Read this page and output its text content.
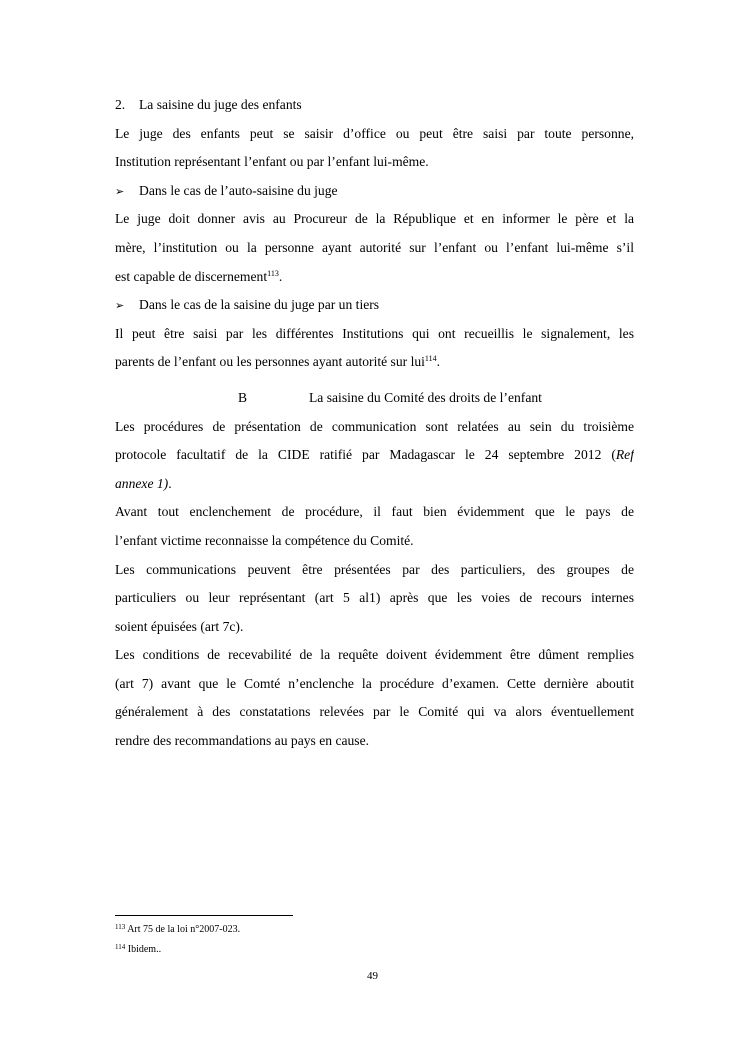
2. La saisine du juge des enfants
Le juge des enfants peut se saisir d’office ou peut être saisi par toute personne,
Institution représentant l’enfant ou par l’enfant lui-même.
➢ Dans le cas de l’auto-saisine du juge
Le juge doit donner avis au Procureur de la République et en informer le père et la
mère, l’institution ou la personne ayant autorité sur l’enfant ou l’enfant lui-même s’il
est capable de discernement$^{113}$.
➢ Dans le cas de la saisine du juge par un tiers
Il peut être saisi par les différentes Institutions qui ont recueillis le signalement, les
parents de l’enfant ou les personnes ayant autorité sur lui$^{114}$.
B	La saisine du Comité des droits de l’enfant
Les procédures de présentation de communication sont relatées au sein du troisième
protocole facultatif de la CIDE ratifié par Madagascar le 24 septembre 2012 (Ref
annexe 1).
Avant tout enclenchement de procédure, il faut bien évidemment que le pays de
l’enfant victime reconnaisse la compétence du Comité.
Les communications peuvent être présentées par des particuliers, des groupes de
particuliers ou leur représentant (art 5 al1) après que les voies de recours internes
soient épuisées (art 7c).
Les conditions de recevabilité de la requête doivent évidemment être dûment remplies
(art 7) avant que le Comté n’enclenche la procédure d’examen. Cette dernière aboutit
généralement à des constatations relevées par le Comité qui va alors éventuellement
rendre des recommandations au pays en cause.
$^{113}$ Art 75 de la loi n°2007-023.
$^{114}$ Ibidem..
49
